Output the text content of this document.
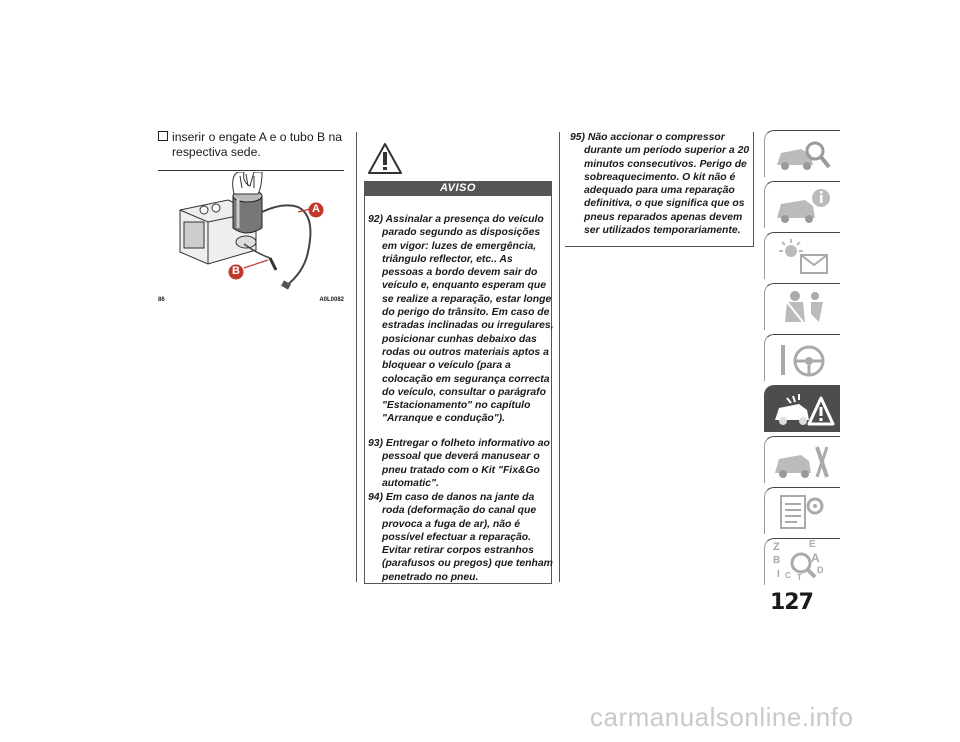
inserir o engate A e o tubo B na
respectiva sede.
A
B
86	A0L0082
AVISO

92) Assinalar a presença do veículo parado segundo as disposições em vigor: luzes de emergência, triângulo reflector, etc.. As pessoas a bordo devem sair do veículo e, enquanto esperam que se realize a reparação, estar longe do perigo do trânsito. Em caso de estradas inclinadas ou irregulares, posicionar cunhas debaixo das rodas ou outros materiais aptos a bloquear o veículo (para a colocação em segurança correcta do veículo, consultar o parágrafo "Estacionamento" no capítulo "Arranque e condução").

93) Entregar o folheto informativo ao pessoal que deverá manusear o pneu tratado com o Kit "Fix&Go automatic".

94) Em caso de danos na jante da roda (deformação do canal que provoca a fuga de ar), não é possível efectuar a reparação. Evitar retirar corpos estranhos (parafusos ou pregos) que tenham penetrado no pneu.

95) Não accionar o compressor durante um período superior a 20 minutos consecutivos. Perigo de sobreaquecimento. O kit não é adequado para uma reparação definitiva, o que significa que os pneus reparados apenas devem ser utilizados temporariamente.

Z	E
A
B
D
I C T
127
carmanualsonline.info
